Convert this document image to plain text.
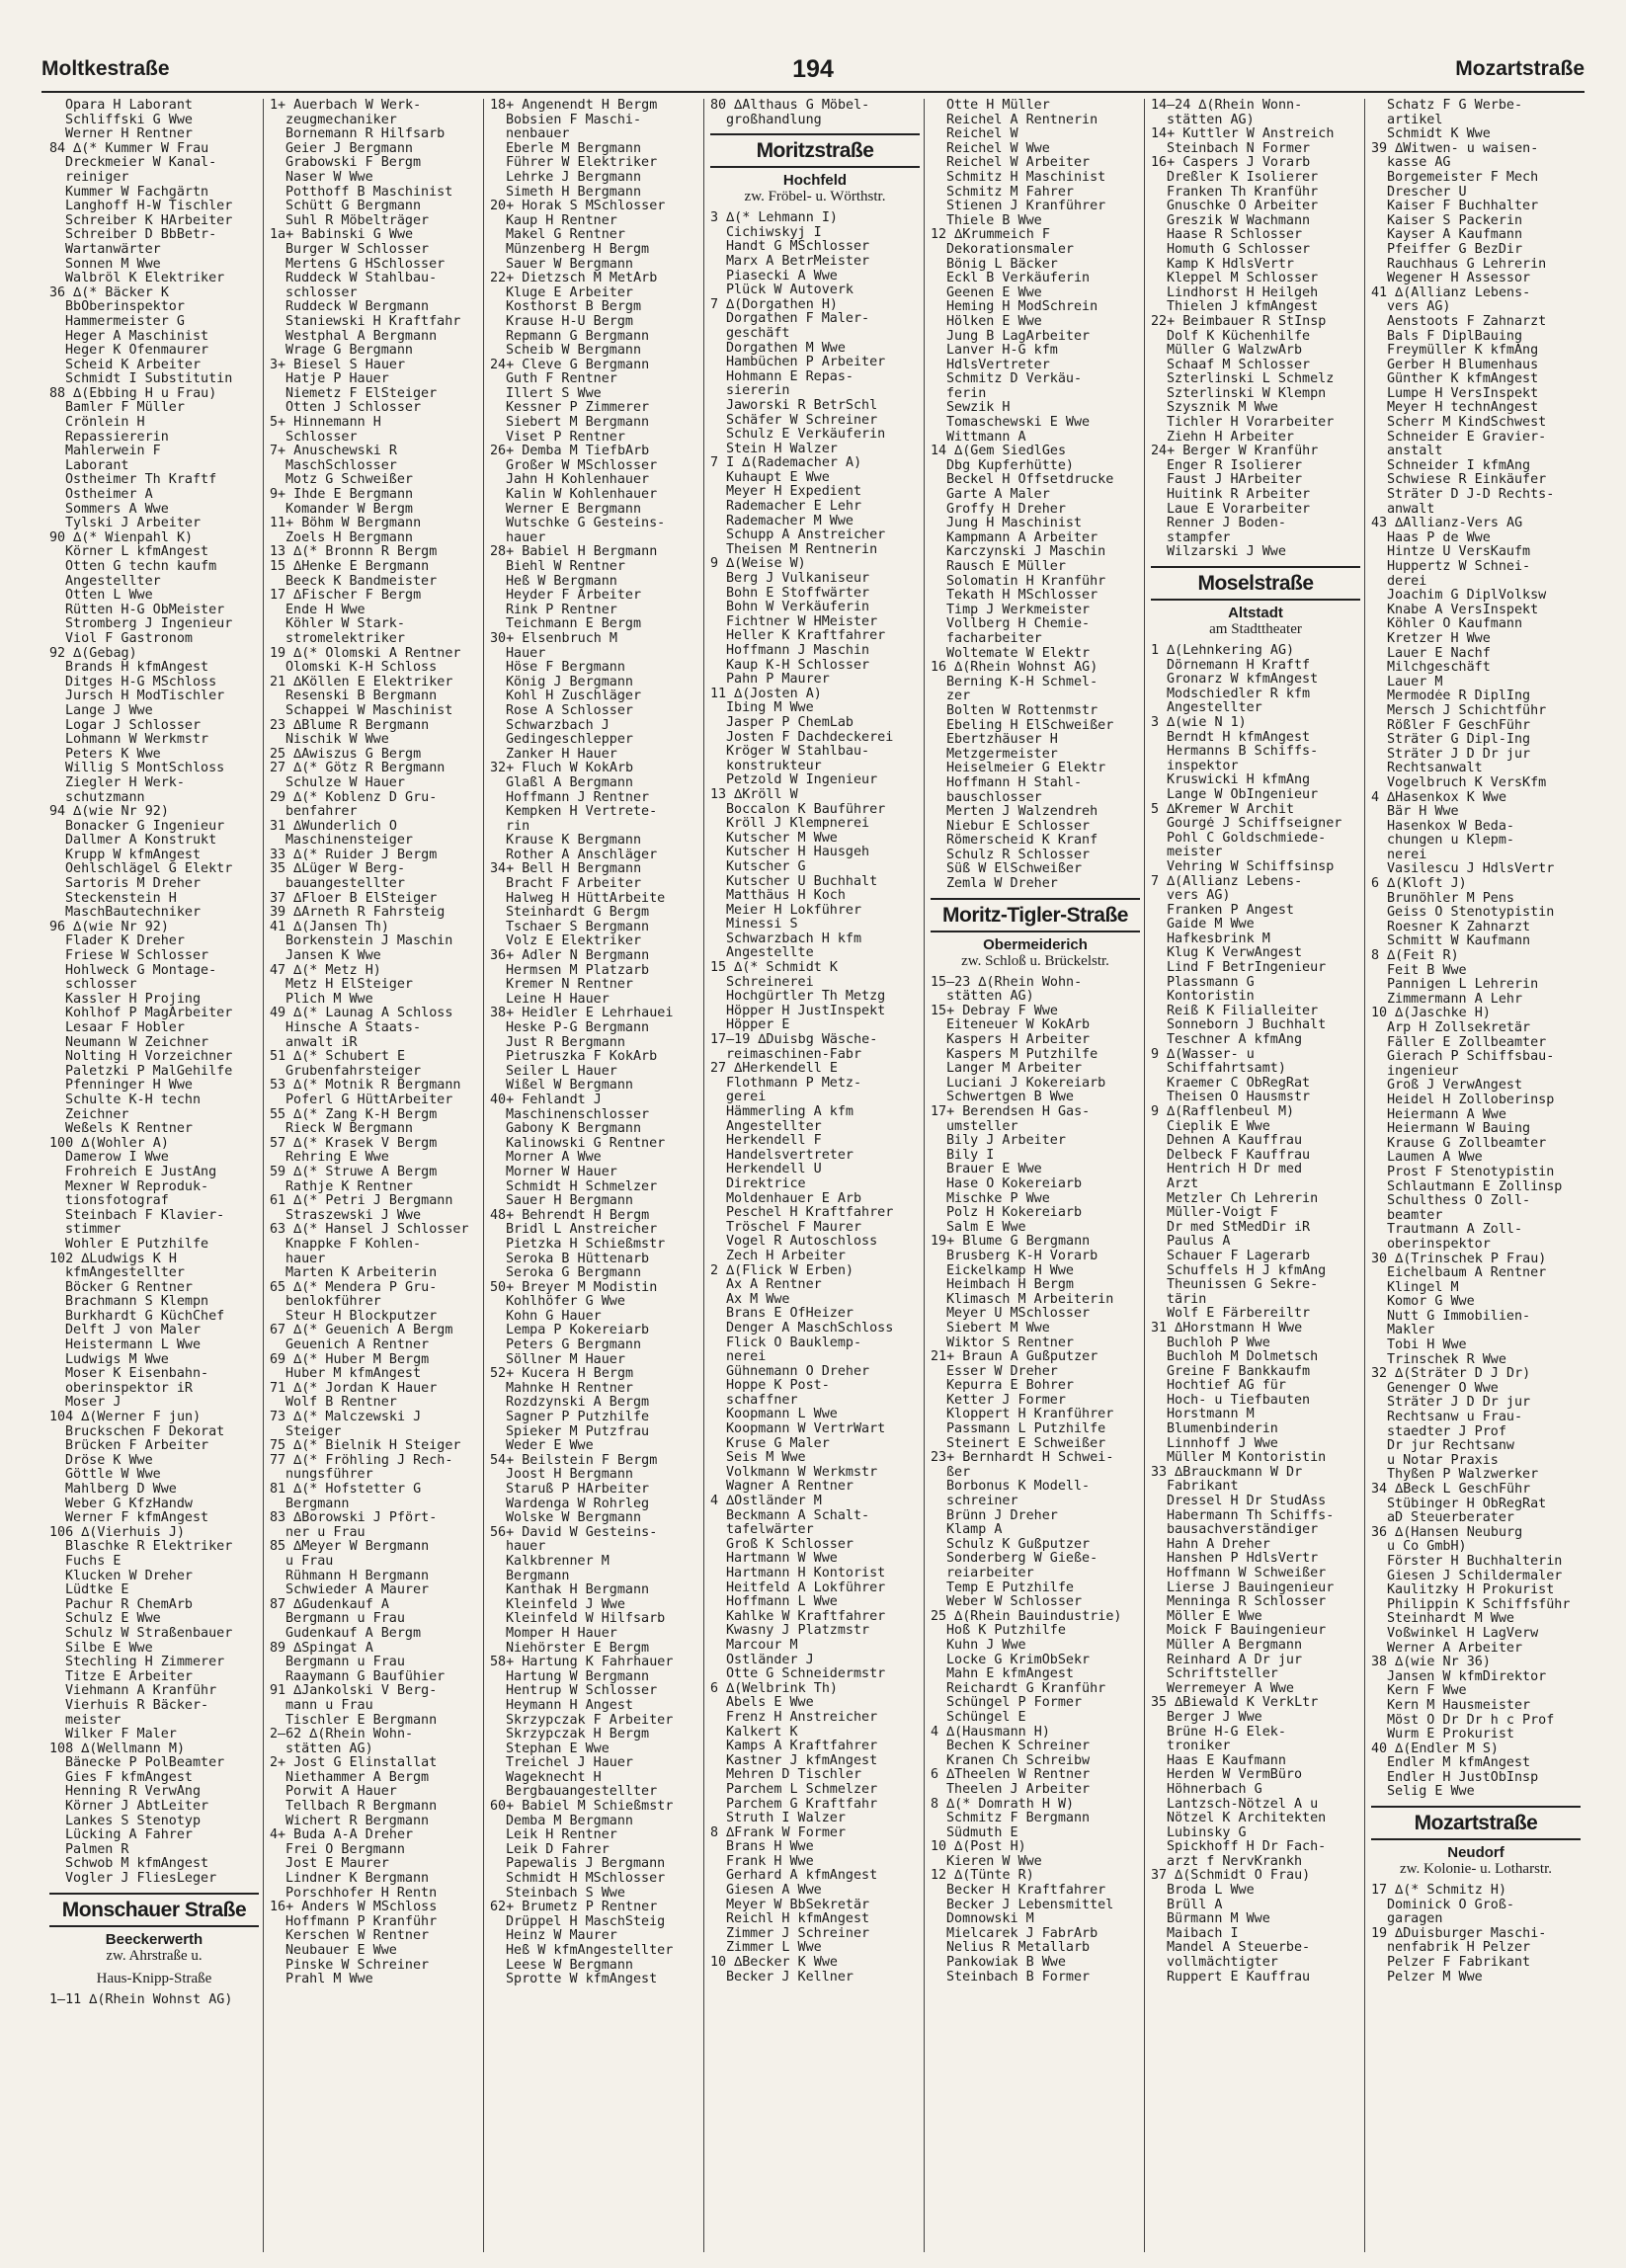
Moltkestraße	194	Mozartstraße
Opara H Laborant
Schliffski G Wwe
Werner H Rentner
84 ∆(* Kummer W Frau
Dreckmeier W Kanal-
reiniger
Kummer W Fachgärtn
Langhoff H-W Tischler
Schreiber K HArbeiter
Schreiber D BbBetr-
Wartanwärter
Sonnen M Wwe
Walbröl K Elektriker
36 ∆(* Bäcker K
BbOberinspektor
Hammermeister G
Heger A Maschinist
Heger K Ofenmaurer
Scheid K Arbeiter
Schmidt I Substitutin
88 ∆(Ebbing H u Frau)
Bamler F Müller
Crönlein H
Repassiererin
Mahlerwein F
Laborant
Ostheimer Th Kraftf
Ostheimer A
Sommers A Wwe
Tylski J Arbeiter
90 ∆(* Wienpahl K)
Körner L kfmAngest
Otten G techn kaufm
Angestellter
Otten L Wwe
Rütten H-G ObMeister
Stromberg J Ingenieur
Viol F Gastronom
92 ∆(Gebag)
Brands H kfmAngest
Ditges H-G MSchloss
Jursch H ModTischler
Lange J Wwe
Logar J Schlosser
Lohmann W Werkmstr
Peters K Wwe
Willig S MontSchloss
Ziegler H Werk-
schutzmann
94 ∆(wie Nr 92)
Bonacker G Ingenieur
Dallmer A Konstrukt
Krupp W kfmAngest
Oehlschlägel G Elektr
Sartoris M Dreher
Steckenstein H
MaschBautechniker
96 ∆(wie Nr 92)
Flader K Dreher
Friese W Schlosser
Hohlweck G Montage-
schlosser
Kassler H Projing
Kohlhof P MagArbeiter
Lesaar F Hobler
Neumann W Zeichner
Nolting H Vorzeichner
Paletzki P MalGehilfe
Pfenninger H Wwe
Schulte K-H techn
Zeichner
Weßels K Rentner
100 ∆(Wohler A)
Damerow I Wwe
Frohreich E JustAng
Mexner W Reproduk-
tionsfotograf
Steinbach F Klavier-
stimmer
Wohler E Putzhilfe
102 ∆Ludwigs K H
kfmAngestellter
Böcker G Rentner
Brachmann S Klempn
Burkhardt G KüchChef
Delft J von Maler
Heistermann L Wwe
Ludwigs M Wwe
Moser K Eisenbahn-
oberinspektor iR
Moser J
104 ∆(Werner F jun)
Bruckschen F Dekorat
Brücken F Arbeiter
Dröse K Wwe
Göttle W Wwe
Mahlberg D Wwe
Weber G KfzHandw
Werner F kfmAngest
106 ∆(Vierhuis J)
Blaschke R Elektriker
Fuchs E
Klucken W Dreher
Lüdtke E
Pachur R ChemArb
Schulz E Wwe
Schulz W Straßenbauer
Silbe E Wwe
Stechling H Zimmerer
Titze E Arbeiter
Viehmann A Kranführ
Vierhuis R Bäcker-
meister
Wilker F Maler
108 ∆(Wellmann M)
Bänecke P PolBeamter
Gies F kfmAngest
Henning R VerwAng
Körner J AbtLeiter
Lankes S Stenotyp
Lücking A Fahrer
Palmen R
Schwob M kfmAngest
Vogler J FliesLeger
Monschauer Straße
Beeckerwerth
zw. Ahrstraße u.
Haus-Knipp-Straße
1–11 ∆(Rhein Wohnst AG)
1+ Auerbach W Werk-
zeugmechaniker
Bornemann R Hilfsarb
Geier J Bergmann
Grabowski F Bergm
Naser W Wwe
Potthoff B Maschinist
Schütt G Bergmann
Suhl R Möbelträger
1a+ Babinski G Wwe
Burger W Schlosser
Mertens G HSchlosser
Ruddeck W Stahlbau-
schlosser
Ruddeck W Bergmann
Staniewski H Kraftfahr
Westphal A Bergmann
Wrage G Bergmann
3+ Biesel S Hauer
Hatje P Hauer
Niemetz F ElSteiger
Otten J Schlosser
5+ Hinnemann H
Schlosser
7+ Anuschewski R
MaschSchlosser
Motz G Schweißer
9+ Ihde E Bergmann
Komander W Bergm
11+ Böhm W Bergmann
Zoels H Bergmann
13 ∆(* Bronnn R Bergm
15 ∆Henke E Bergmann
Beeck K Bandmeister
17 ∆Fischer F Bergm
Ende H Wwe
Köhler W Stark-
stromelektriker
19 ∆(* Olomski A Rentner
Olomski K-H Schloss
21 ∆Köllen E Elektriker
Resenski B Bergmann
Schappei W Maschinist
23 ∆Blume R Bergmann
Nischik W Wwe
25 ∆Awiszus G Bergm
27 ∆(* Götz R Bergmann
Schulze W Hauer
29 ∆(* Koblenz D Gru-
benfahrer
31 ∆Wunderlich O
Maschinensteiger
33 ∆(* Ruider J Bergm
35 ∆Lüger W Berg-
bauangestellter
37 ∆Floer B ElSteiger
39 ∆Arneth R Fahrsteig
41 ∆(Jansen Th)
Borkenstein J Maschin
Jansen K Wwe
47 ∆(* Metz H)
Metz H ElSteiger
Plich M Wwe
49 ∆(* Launag A Schloss
Hinsche A Staats-
anwalt iR
51 ∆(* Schubert E
Grubenfahrsteiger
53 ∆(* Motnik R Bergmann
Poferl G HüttArbeiter
55 ∆(* Zang K-H Bergm
Rieck W Bergmann
57 ∆(* Krasek V Bergm
Rehring E Wwe
59 ∆(* Struwe A Bergm
Rathje K Rentner
61 ∆(* Petri J Bergmann
Straszewski J Wwe
63 ∆(* Hansel J Schlosser
Knappke F Kohlen-
hauer
Marten K Arbeiterin
65 ∆(* Mendera P Gru-
benlokführer
Steur H Blockputzer
67 ∆(* Geuenich A Bergm
Geuenich A Rentner
69 ∆(* Huber M Bergm
Huber M kfmAngest
71 ∆(* Jordan K Hauer
Wolf B Rentner
73 ∆(* Malczewski J
Steiger
75 ∆(* Bielnik H Steiger
77 ∆(* Fröhling J Rech-
nungsführer
81 ∆(* Hofstetter G
Bergmann
83 ∆Borowski J Pfört-
ner u Frau
85 ∆Meyer W Bergmann
u Frau
Rühmann H Bergmann
Schwieder A Maurer
87 ∆Gudenkauf A
Bergmann u Frau
Gudenkauf A Bergm
89 ∆Spingat A
Bergmann u Frau
Raaymann G Baufühier
91 ∆Jankolski V Berg-
mann u Frau
Tischler E Bergmann
2–62 ∆(Rhein Wohn-
stätten AG)
2+ Jost G Elinstallat
Niethammer A Bergm
Porwit A Hauer
Tellbach R Bergmann
Wichert R Bergmann
4+ Buda A-A Dreher
Frei O Bergmann
Jost E Maurer
Lindner K Bergmann
Porschhofer H Rentn
16+ Anders W MSchloss
Hoffmann P Kranführ
Kerschen W Rentner
Neubauer E Wwe
Pinske W Schreiner
Prahl M Wwe
18+ Angenendt H Bergm
Bobsien F Maschi-
nenbauer
Eberle M Bergmann
Führer W Elektriker
Lehrke J Bergmann
Simeth H Bergmann
20+ Horak S MSchlosser
Kaup H Rentner
Makel G Rentner
Münzenberg H Bergm
Sauer W Bergmann
22+ Dietzsch M MetArb
Kluge E Arbeiter
Kosthorst B Bergm
Krause H-U Bergm
Repmann G Bergmann
Scheib W Bergmann
24+ Cleve G Bergmann
Guth F Rentner
Illert S Wwe
Kessner P Zimmerer
Siebert M Bergmann
Viset P Rentner
26+ Demba M TiefbArb
Großer W MSchlosser
Jahn H Kohlenhauer
Kalin W Kohlenhauer
Werner E Bergmann
Wutschke G Gesteins-
hauer
28+ Babiel H Bergmann
Biehl W Rentner
Heß W Bergmann
Heyder F Arbeiter
Rink P Rentner
Teichmann E Bergm
30+ Elsenbruch M
Hauer
Höse F Bergmann
König J Bergmann
Kohl H Zuschläger
Rose A Schlosser
Schwarzbach J
Gedingeschlepper
Zanker H Hauer
32+ Fluch W KokArb
Glaßl A Bergmann
Hoffmann J Rentner
Kempken H Vertrete-
rin
Krause K Bergmann
Rother A Anschläger
34+ Bell H Bergmann
Bracht F Arbeiter
Halweg H HüttArbeite
Steinhardt G Bergm
Tschaer S Bergmann
Volz E Elektriker
36+ Adler N Bergmann
Hermsen M Platzarb
Kremer N Rentner
Leine H Hauer
38+ Heidler E Lehrhauei
Heske P-G Bergmann
Just R Bergmann
Pietruszka F KokArb
Seiler L Hauer
Wißel W Bergmann
40+ Fehlandt J
Maschinenschlosser
Gabony K Bergmann
Kalinowski G Rentner
Morner A Wwe
Morner W Hauer
Schmidt H Schmelzer
Sauer H Bergmann
48+ Behrendt H Bergm
Bridl L Anstreicher
Pietzka H Schießmstr
Seroka B Hüttenarb
Seroka G Bergmann
50+ Breyer M Modistin
Kohlhöfer G Wwe
Kohn G Hauer
Lempa P Kokereiarb
Peters G Bergmann
Söllner M Hauer
52+ Kucera H Bergm
Mahnke H Rentner
Rozdzynski A Bergm
Sagner P Putzhilfe
Spieker M Putzfrau
Weder E Wwe
54+ Beilstein F Bergm
Joost H Bergmann
Staruß P HArbeiter
Wardenga W Rohrleg
Wolske W Bergmann
56+ David W Gesteins-
hauer
Kalkbrenner M
Bergmann
Kanthak H Bergmann
Kleinfeld J Wwe
Kleinfeld W Hilfsarb
Momper H Hauer
Niehörster E Bergm
58+ Hartung K Fahrhauer
Hartung W Bergmann
Hentrup W Schlosser
Heymann H Angest
Skrzypczak F Arbeiter
Skrzypczak H Bergm
Stephan E Wwe
Treichel J Hauer
Wageknecht H
Bergbauangestellter
60+ Babiel M Schießmstr
Demba M Bergmann
Leik H Rentner
Leik D Fahrer
Papewalis J Bergmann
Schmidt H MSchlosser
Steinbach S Wwe
62+ Brumetz P Rentner
Drüppel H MaschSteig
Heinz W Maurer
Heß W kfmAngestellter
Leese W Bergmann
Sprotte W kfmAngest
80 ∆Althaus G Möbel-
großhandlung
Moritzstraße
Hochfeld
zw. Fröbel- u. Wörthstr.
3 ∆(* Lehmann I)
Cichiwskyj I
Handt G MSchlosser
Marx A BetrMeister
Piasecki A Wwe
Plück W Autoverk
7 ∆(Dorgathen H)
Dorgathen F Maler-
geschäft
Dorgathen M Wwe
Hambüchen P Arbeiter
Hohmann E Repas-
siererin
Jaworski R BetrSchl
Schäfer W Schreiner
Schulz E Verkäuferin
Stein H Walzer
7 I ∆(Rademacher A)
Kuhaupt E Wwe
Meyer H Expedient
Rademacher E Lehr
Rademacher M Wwe
Schupp A Anstreicher
Theisen M Rentnerin
9 ∆(Weise W)
Berg J Vulkaniseur
Bohn E Stoffwärter
Bohn W Verkäuferin
Fichtner W HMeister
Heller K Kraftfahrer
Hoffmann J Maschin
Kaup K-H Schlosser
Pahn P Maurer
11 ∆(Josten A)
Ibing M Wwe
Jasper P ChemLab
Josten F Dachdeckerei
Kröger W Stahlbau-
konstrukteur
Petzold W Ingenieur
13 ∆Kröll W
Boccalon K Bauführer
Kröll J Klempnerei
Kutscher M Wwe
Kutscher H Hausgeh
Kutscher G
Kutscher U Buchhalt
Matthäus H Koch
Meier H Lokführer
Minessi S
Schwarzbach H kfm
Angestellte
15 ∆(* Schmidt K
Schreinerei
Hochgürtler Th Metzg
Höpper H JustInspekt
Höpper E
17–19 ∆Duisbg Wäsche-
reimaschinen-Fabr
27 ∆Herkendell E
Flothmann P Metz-
gerei
Hämmerling A kfm
Angestellter
Herkendell F
Handelsvertreter
Herkendell U
Direktrice
Moldenhauer E Arb
Peschel H Kraftfahrer
Tröschel F Maurer
Vogel R Autoschloss
Zech H Arbeiter
2 ∆(Flick W Erben)
Ax A Rentner
Ax M Wwe
Brans E OfHeizer
Denger A MaschSchloss
Flick O Bauklemp-
nerei
Gühnemann O Dreher
Hoppe K Post-
schaffner
Koopmann L Wwe
Koopmann W VertrWart
Kruse G Maler
Seis M Wwe
Volkmann W Werkmstr
Wagner A Rentner
4 ∆Ostländer M
Beckmann A Schalt-
tafelwärter
Groß K Schlosser
Hartmann W Wwe
Hartmann H Kontorist
Heitfeld A Lokführer
Hoffmann L Wwe
Kahlke W Kraftfahrer
Kwasny J Platzmstr
Marcour M
Ostländer J
Otte G Schneidermstr
6 ∆(Welbrink Th)
Abels E Wwe
Frenz H Anstreicher
Kalkert K
Kamps A Kraftfahrer
Kastner J kfmAngest
Mehren D Tischler
Parchem L Schmelzer
Parchem G Kraftfahr
Struth I Walzer
8 ∆Frank W Former
Brans H Wwe
Frank H Wwe
Gerhard A kfmAngest
Giesen A Wwe
Meyer W BbSekretär
Reichl H kfmAngest
Zimmer J Schreiner
Zimmer L Wwe
10 ∆Becker K Wwe
Becker J Kellner
Otte H Müller
Reichel A Rentnerin
Reichel W
Reichel W Wwe
Reichel W Arbeiter
Schmitz H Maschinist
Schmitz M Fahrer
Stienen J Kranführer
Thiele B Wwe
12 ∆Krummeich F
Dekorationsmaler
Bönig L Bäcker
Eckl B Verkäuferin
Geenen E Wwe
Heming H ModSchrein
Hölken E Wwe
Jung B LagArbeiter
Lanver H-G kfm
HdlsVertreter
Schmitz D Verkäu-
ferin
Sewzik H
Tomaschewski E Wwe
Wittmann A
14 ∆(Gem SiedlGes
Dbg Kupferhütte)
Beckel H Offsetdrucke
Garte A Maler
Groffy H Dreher
Jung H Maschinist
Kampmann A Arbeiter
Karczynski J Maschin
Rausch E Müller
Solomatin H Kranführ
Tekath H MSchlosser
Timp J Werkmeister
Vollberg H Chemie-
facharbeiter
Woltemate W Elektr
16 ∆(Rhein Wohnst AG)
Berning K-H Schmel-
zer
Bolten W Rottenmstr
Ebeling H ElSchweißer
Ebertzhäuser H
Metzgermeister
Heiselmeier G Elektr
Hoffmann H Stahl-
bauschlosser
Merten J Walzendreh
Niebur E Schlosser
Römerscheid K Kranf
Schulz R Schlosser
Süß W ElSchweißer
Zemla W Dreher
Moritz-Tigler-Straße
Obermeiderich
zw. Schloß u. Brückelstr.
15–23 ∆(Rhein Wohn-
stätten AG)
15+ Debray F Wwe
Eiteneuer W KokArb
Kaspers H Arbeiter
Kaspers M Putzhilfe
Langer M Arbeiter
Luciani J Kokereiarb
Schwertgen B Wwe
17+ Berendsen H Gas-
umsteller
Bily J Arbeiter
Bily I
Brauer E Wwe
Hase O Kokereiarb
Mischke P Wwe
Polz H Kokereiarb
Salm E Wwe
19+ Blume G Bergmann
Brusberg K-H Vorarb
Eickelkamp H Wwe
Heimbach H Bergm
Klimasch M Arbeiterin
Meyer U MSchlosser
Siebert M Wwe
Wiktor S Rentner
21+ Braun A Gußputzer
Esser W Dreher
Kepurra E Bohrer
Ketter J Former
Kloppert H Kranführer
Passmann L Putzhilfe
Steinert E Schweißer
23+ Bernhardt H Schwei-
ßer
Borbonus K Modell-
schreiner
Brünn J Dreher
Klamp A
Schulz K Gußputzer
Sonderberg W Gieße-
reiarbeiter
Temp E Putzhilfe
Weber W Schlosser
25 ∆(Rhein Bauindustrie)
Hoß K Putzhilfe
Kuhn J Wwe
Locke G KrimObSekr
Mahn E kfmAngest
Reichardt G Kranführ
Schüngel P Former
Schüngel E
4 ∆(Hausmann H)
Bechen K Schreiner
Kranen Ch Schreibw
6 ∆Theelen W Rentner
Theelen J Arbeiter
8 ∆(* Domrath H W)
Schmitz F Bergmann
Südmuth E
10 ∆(Post H)
Kieren W Wwe
12 ∆(Tünte R)
Becker H Kraftfahrer
Becker J Lebensmittel
Domnowski M
Mielcarek J FabrArb
Nelius R Metallarb
Pankowiak B Wwe
Steinbach B Former
14–24 ∆(Rhein Wonn-
stätten AG)
14+ Kuttler W Anstreich
Steinbach N Former
16+ Caspers J Vorarb
Dreßler K Isolierer
Franken Th Kranführ
Gnuschke O Arbeiter
Greszik W Wachmann
Haase R Schlosser
Homuth G Schlosser
Kamp K HdlsVertr
Kleppel M Schlosser
Lindhorst H Heilgeh
Thielen J kfmAngest
22+ Beimbauer R StInsp
Dolf K Küchenhilfe
Müller G WalzwArb
Schaaf M Schlosser
Szterlinski L Schmelz
Szterlinski W Klempn
Szysznik M Wwe
Tichler H Vorarbeiter
Ziehn H Arbeiter
24+ Berger W Kranführ
Enger R Isolierer
Faust J HArbeiter
Huitink R Arbeiter
Laue E Vorarbeiter
Renner J Boden-
stampfer
Wilzarski J Wwe
Moselstraße
Altstadt
am Stadttheater
1 ∆(Lehnkering AG)
Dörnemann H Kraftf
Gronarz W kfmAngest
Modschiedler R kfm
Angestellter
3 ∆(wie N 1)
Berndt H kfmAngest
Hermanns B Schiffs-
inspektor
Kruswicki H kfmAng
Lange W ObIngenieur
5 ∆Kremer W Archit
Gourgé J Schiffseigner
Pohl C Goldschmiede-
meister
Vehring W Schiffsinsp
7 ∆(Allianz Lebens-
vers AG)
Franken P Angest
Gaide M Wwe
Hafkesbrink M
Klug K VerwAngest
Lind F BetrIngenieur
Plassmann G
Kontoristin
Reiß K Filialleiter
Sonneborn J Buchhalt
Teschner A kfmAng
9 ∆(Wasser- u
Schiffahrtsamt)
Kraemer C ObRegRat
Theisen O Hausmstr
9 ∆(Rafflenbeul M)
Cieplik E Wwe
Dehnen A Kauffrau
Delbeck F Kauffrau
Hentrich H Dr med
Arzt
Metzler Ch Lehrerin
Müller-Voigt F
Dr med StMedDir iR
Paulus A
Schauer F Lagerarb
Schuffels H J kfmAng
Theunissen G Sekre-
tärin
Wolf E Färbereiltr
31 ∆Horstmann H Wwe
Buchloh P Wwe
Buchloh M Dolmetsch
Greine F Bankkaufm
Hochtief AG für
Hoch- u Tiefbauten
Horstmann M
Blumenbinderin
Linnhoff J Wwe
Müller M Kontoristin
33 ∆Brauckmann W Dr
Fabrikant
Dressel H Dr StudAss
Habermann Th Schiffs-
bausachverständiger
Hahn A Dreher
Hanshen P HdlsVertr
Hoffmann W Schweißer
Lierse J Bauingenieur
Menninga R Schlosser
Möller E Wwe
Moick F Bauingenieur
Müller A Bergmann
Reinhard A Dr jur
Schriftsteller
Werremeyer A Wwe
35 ∆Biewald K VerkLtr
Berger J Wwe
Brüne H-G Elek-
troniker
Haas E Kaufmann
Herden W VermBüro
Höhnerbach G
Lantzsch-Nötzel A u
Nötzel K Architekten
Lubinsky G
Spickhoff H Dr Fach-
arzt f NervKrankh
37 ∆(Schmidt O Frau)
Broda L Wwe
Brüll A
Bürmann M Wwe
Maibach I
Mandel A Steuerbe-
vollmächtigter
Ruppert E Kauffrau
Schatz F G Werbe-
artikel
Schmidt K Wwe
39 ∆Witwen- u waisen-
kasse AG
Borgemeister F Mech
Drescher U
Kaiser F Buchhalter
Kaiser S Packerin
Kayser A Kaufmann
Pfeiffer G BezDir
Rauchhaus G Lehrerin
Wegener H Assessor
41 ∆(Allianz Lebens-
vers AG)
Aenstoots F Zahnarzt
Bals F DiplBauing
Freymüller K kfmAng
Gerber H Blumenhaus
Günther K kfmAngest
Lumpe H VersInspekt
Meyer H technAngest
Scherr M KindSchwest
Schneider E Gravier-
anstalt
Schneider I kfmAng
Schwiese R Einkäufer
Sträter D J-D Rechts-
anwalt
43 ∆Allianz-Vers AG
Haas P de Wwe
Hintze U VersKaufm
Huppertz W Schnei-
derei
Joachim G DiplVolksw
Knabe A VersInspekt
Köhler O Kaufmann
Kretzer H Wwe
Lauer E Nachf
Milchgeschäft
Lauer M
Mermodée R DiplIng
Mersch J Schichtführ
Rößler F GeschFühr
Sträter G Dipl-Ing
Sträter J D Dr jur
Rechtsanwalt
Vogelbruch K VersKfm
4 ∆Hasenkox K Wwe
Bär H Wwe
Hasenkox W Beda-
chungen u Klepm-
nerei
Vasilescu J HdlsVertr
6 ∆(Kloft J)
Brunöhler M Pens
Geiss O Stenotypistin
Roesner K Zahnarzt
Schmitt W Kaufmann
8 ∆(Feit R)
Feit B Wwe
Pannigen L Lehrerin
Zimmermann A Lehr
10 ∆(Jaschke H)
Arp H Zollsekretär
Fäller E Zollbeamter
Gierach P Schiffsbau-
ingenieur
Groß J VerwAngest
Heidel H Zolloberinsp
Heiermann A Wwe
Heiermann W Bauing
Krause G Zollbeamter
Laumen A Wwe
Prost F Stenotypistin
Schlautmann E Zollinsp
Schulthess O Zoll-
beamter
Trautmann A Zoll-
oberinspektor
30 ∆(Trinschek P Frau)
Eichelbaum A Rentner
Klingel M
Komor G Wwe
Nutt G Immobilien-
Makler
Tobi H Wwe
Trinschek R Wwe
32 ∆(Sträter D J Dr)
Genenger O Wwe
Sträter J D Dr jur
Rechtsanw u Frau-
staedter J Prof
Dr jur Rechtsanw
u Notar Praxis
Thyßen P Walzwerker
34 ∆Beck L GeschFühr
Stübinger H ObRegRat
aD Steuerberater
36 ∆(Hansen Neuburg
u Co GmbH)
Förster H Buchhalterin
Giesen J Schildermaler
Kaulitzky H Prokurist
Philippin K Schiffsführ
Steinhardt M Wwe
Voßwinkel H LagVerw
Werner A Arbeiter
38 ∆(wie Nr 36)
Jansen W kfmDirektor
Kern F Wwe
Kern M Hausmeister
Möst O Dr Dr h c Prof
Wurm E Prokurist
40 ∆(Endler M S)
Endler M kfmAngest
Endler H JustObInsp
Selig E Wwe
Mozartstraße
Neudorf
zw. Kolonie- u. Lotharstr.
17 ∆(* Schmitz H)
Dominick O Groß-
garagen
19 ∆Duisburger Maschi-
nenfabrik H Pelzer
Pelzer F Fabrikant
Pelzer M Wwe
